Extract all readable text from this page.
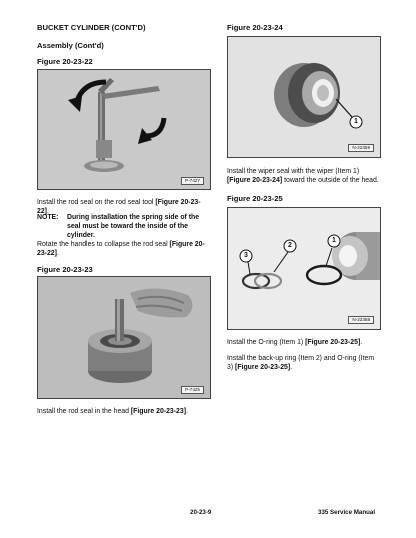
BUCKET CYLINDER (CONT'D)
Assembly (Cont'd)
Figure 20-23-22
P-7427
Install the rod seal on the rod seal tool [Figure 20-23-22].
NOTE: During installation the spring side of the seal must be toward the inside of the cylinder.
Rotate the handles to collapse the rod seal [Figure 20-23-22].
Figure 20-23-23
P-7425
Install the rod seal in the head [Figure 20-23-23].
Figure 20-23-24
1
N-22359
Install the wiper seal with the wiper (Item 1) [Figure 20-23-24] toward the outside of the head.
Figure 20-23-25
2
3
1
N-22358
Install the O-ring (Item 1) [Figure 20-23-25].
Install the back-up ring (Item 2) and O-ring (Item 3) [Figure 20-23-25].
20-23-9	335 Service Manual
